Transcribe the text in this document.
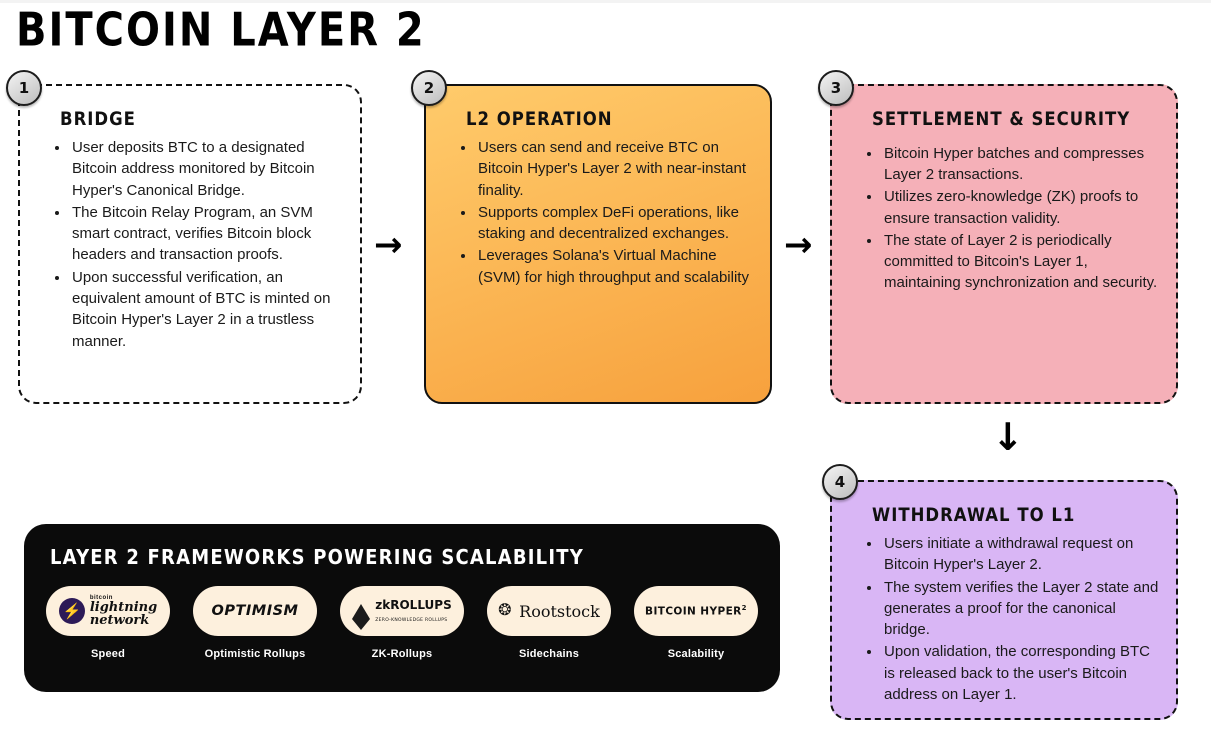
BITCOIN LAYER 2
1
BRIDGE
• User deposits BTC to a designated Bitcoin address monitored by Bitcoin Hyper's Canonical Bridge.
• The Bitcoin Relay Program, an SVM smart contract, verifies Bitcoin block headers and transaction proofs.
• Upon successful verification, an equivalent amount of BTC is minted on Bitcoin Hyper's Layer 2 in a trustless manner.
→
2
L2 OPERATION
• Users can send and receive BTC on Bitcoin Hyper's Layer 2 with near-instant finality.
• Supports complex DeFi operations, like staking and decentralized exchanges.
• Leverages Solana's Virtual Machine (SVM) for high throughput and scalability
→
3
SETTLEMENT & SECURITY
• Bitcoin Hyper batches and compresses Layer 2 transactions.
• Utilizes zero-knowledge (ZK) proofs to ensure transaction validity.
• The state of Layer 2 is periodically committed to Bitcoin's Layer 1, maintaining synchronization and security.
↓
4
WITHDRAWAL TO L1
• Users initiate a withdrawal request on Bitcoin Hyper's Layer 2.
• The system verifies the Layer 2 state and generates a proof for the canonical bridge.
• Upon validation, the corresponding BTC is released back to the user's Bitcoin address on Layer 1.
LAYER 2 FRAMEWORKS POWERING SCALABILITY
⚡
bitcoin
lightning
network
Speed
OPTIMISM
Optimistic Rollups
zkROLLUPS
ZERO-KNOWLEDGE ROLLUPS
ZK-Rollups
❂ Rootstock
Sidechains
BITCOIN HYPER$^2$
Scalability
